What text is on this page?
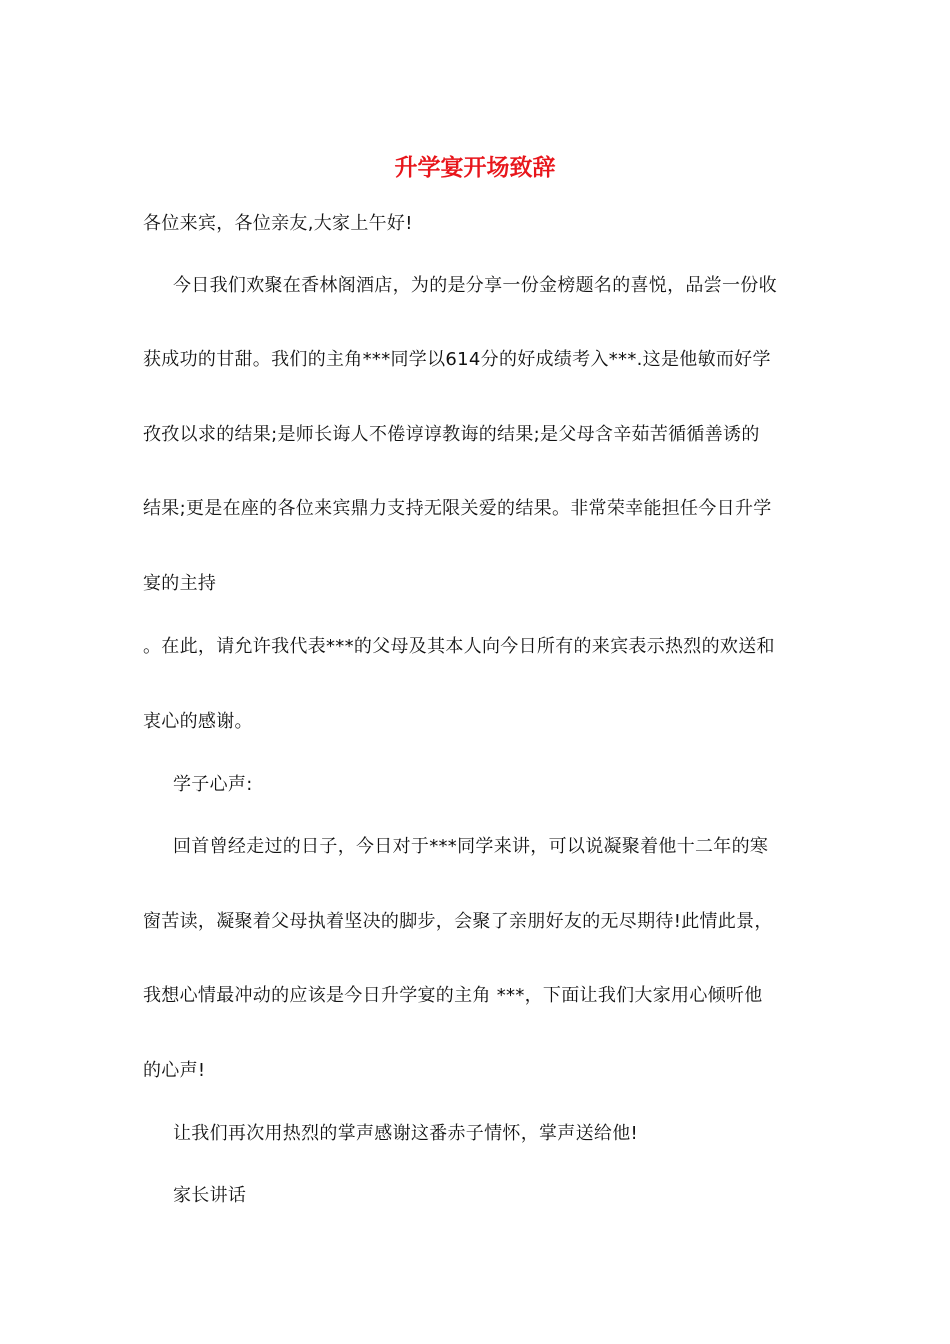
升学宴开场致辞
各位来宾，各位亲友,大家上午好!
今日我们欢聚在香林阁酒店，为的是分享一份金榜题名的喜悦，品尝一份收
获成功的甘甜。我们的主角***同学以614分的好成绩考入***.这是他敏而好学
孜孜以求的结果;是师长诲人不倦谆谆教诲的结果;是父母含辛茹苦循循善诱的
结果;更是在座的各位来宾鼎力支持无限关爱的结果。非常荣幸能担任今日升学
宴的主持
。在此，请允许我代表***的父母及其本人向今日所有的来宾表示热烈的欢送和
衷心的感谢。
学子心声:
回首曾经走过的日子，今日对于***同学来讲，可以说凝聚着他十二年的寒
窗苦读，凝聚着父母执着坚决的脚步，会聚了亲朋好友的无尽期待!此情此景，
我想心情最冲动的应该是今日升学宴的主角 ***，下面让我们大家用心倾听他
的心声!
让我们再次用热烈的掌声感谢这番赤子情怀，掌声送给他!
家长讲话
